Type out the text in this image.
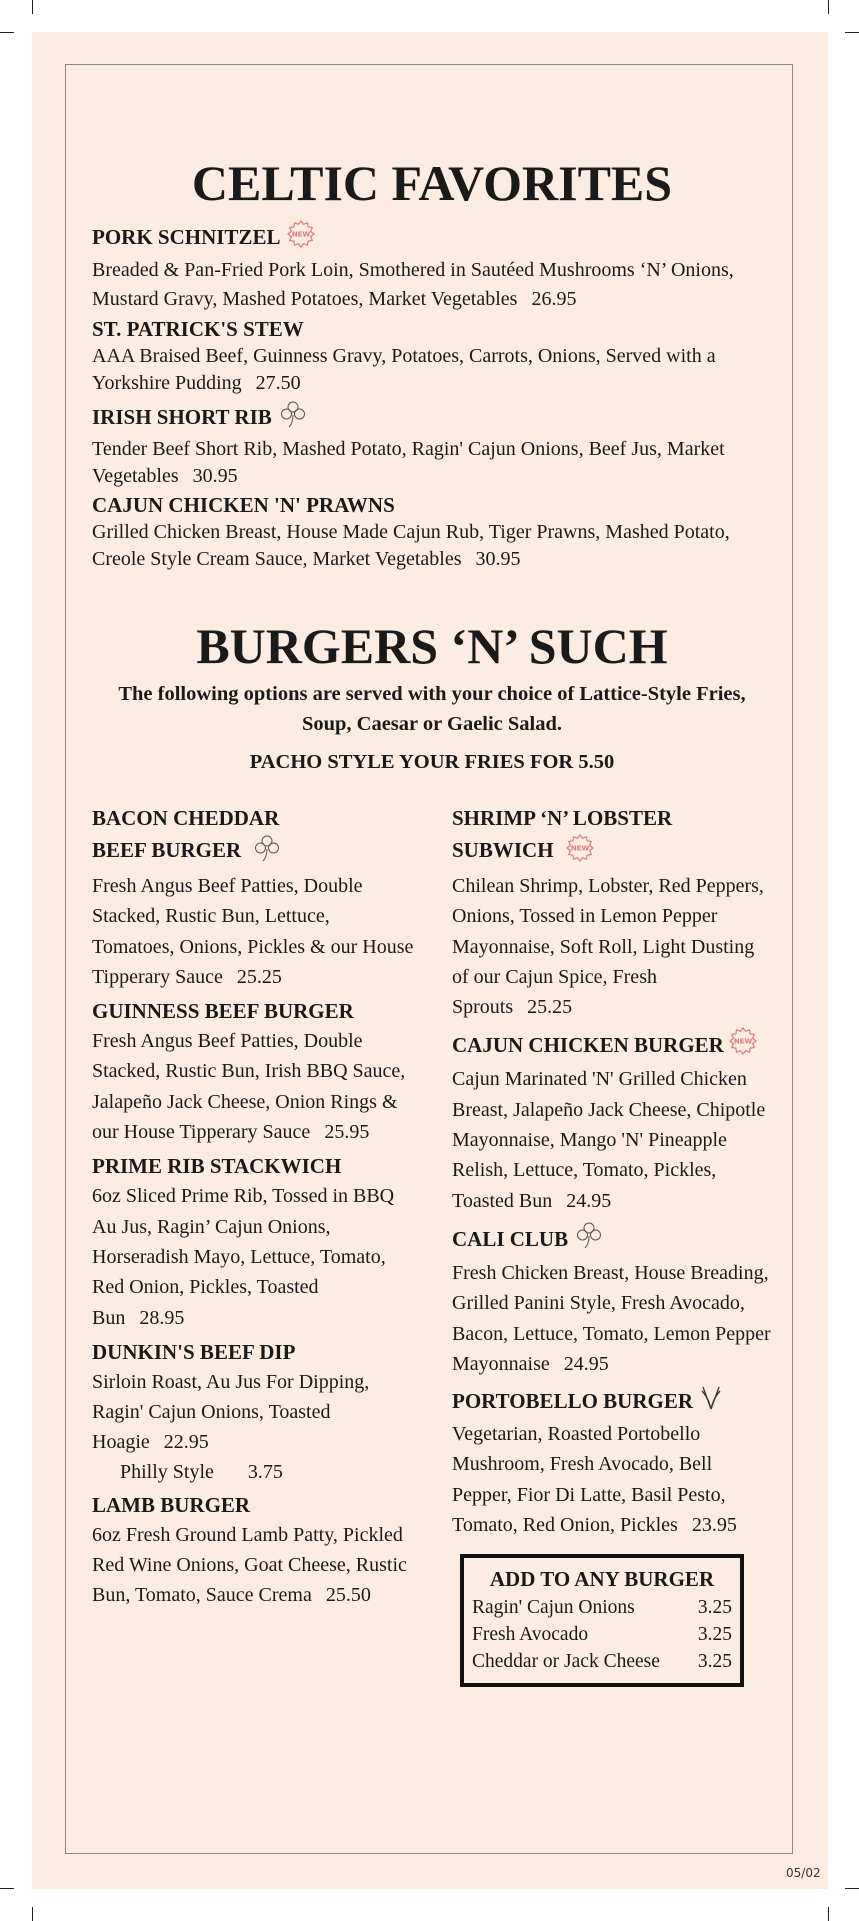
CELTIC FAVORITES
PORK SCHNITZEL NEW
Breaded & Pan-Fried Pork Loin, Smothered in Sautéed Mushrooms ‘N’ Onions, Mustard Gravy, Mashed Potatoes, Market Vegetables 26.95
ST. PATRICK'S STEW
AAA Braised Beef, Guinness Gravy, Potatoes, Carrots, Onions, Served with a Yorkshire Pudding 27.50
IRISH SHORT RIB
Tender Beef Short Rib, Mashed Potato, Ragin' Cajun Onions, Beef Jus, Market Vegetables 30.95
CAJUN CHICKEN 'N' PRAWNS
Grilled Chicken Breast, House Made Cajun Rub, Tiger Prawns, Mashed Potato, Creole Style Cream Sauce, Market Vegetables 30.95
BURGERS ‘N’ SUCH
The following options are served with your choice of Lattice-Style Fries, Soup, Caesar or Gaelic Salad.
PACHO STYLE YOUR FRIES FOR 5.50
BACON CHEDDAR BEEF BURGER
Fresh Angus Beef Patties, Double Stacked, Rustic Bun, Lettuce, Tomatoes, Onions, Pickles & our House Tipperary Sauce 25.25
GUINNESS BEEF BURGER
Fresh Angus Beef Patties, Double Stacked, Rustic Bun, Irish BBQ Sauce, Jalapeño Jack Cheese, Onion Rings & our House Tipperary Sauce 25.95
PRIME RIB STACKWICH
6oz Sliced Prime Rib, Tossed in BBQ Au Jus, Ragin’ Cajun Onions, Horseradish Mayo, Lettuce, Tomato, Red Onion, Pickles, Toasted Bun 28.95
DUNKIN'S BEEF DIP
Sirloin Roast, Au Jus For Dipping, Ragin' Cajun Onions, Toasted Hoagie 22.95
Philly Style 3.75
LAMB BURGER
6oz Fresh Ground Lamb Patty, Pickled Red Wine Onions, Goat Cheese, Rustic Bun, Tomato, Sauce Crema 25.50
SHRIMP ‘N’ LOBSTER SUBWICH NEW
Chilean Shrimp, Lobster, Red Peppers, Onions, Tossed in Lemon Pepper Mayonnaise, Soft Roll, Light Dusting of our Cajun Spice, Fresh Sprouts 25.25
CAJUN CHICKEN BURGER NEW
Cajun Marinated 'N' Grilled Chicken Breast, Jalapeño Jack Cheese, Chipotle Mayonnaise, Mango 'N' Pineapple Relish, Lettuce, Tomato, Pickles, Toasted Bun 24.95
CALI CLUB
Fresh Chicken Breast, House Breading, Grilled Panini Style, Fresh Avocado, Bacon, Lettuce, Tomato, Lemon Pepper Mayonnaise 24.95
PORTOBELLO BURGER
Vegetarian, Roasted Portobello Mushroom, Fresh Avocado, Bell Pepper, Fior Di Latte, Basil Pesto, Tomato, Red Onion, Pickles 23.95
ADD TO ANY BURGER
Ragin' Cajun Onions	3.25
Fresh Avocado	3.25
Cheddar or Jack Cheese 3.25
05/02
